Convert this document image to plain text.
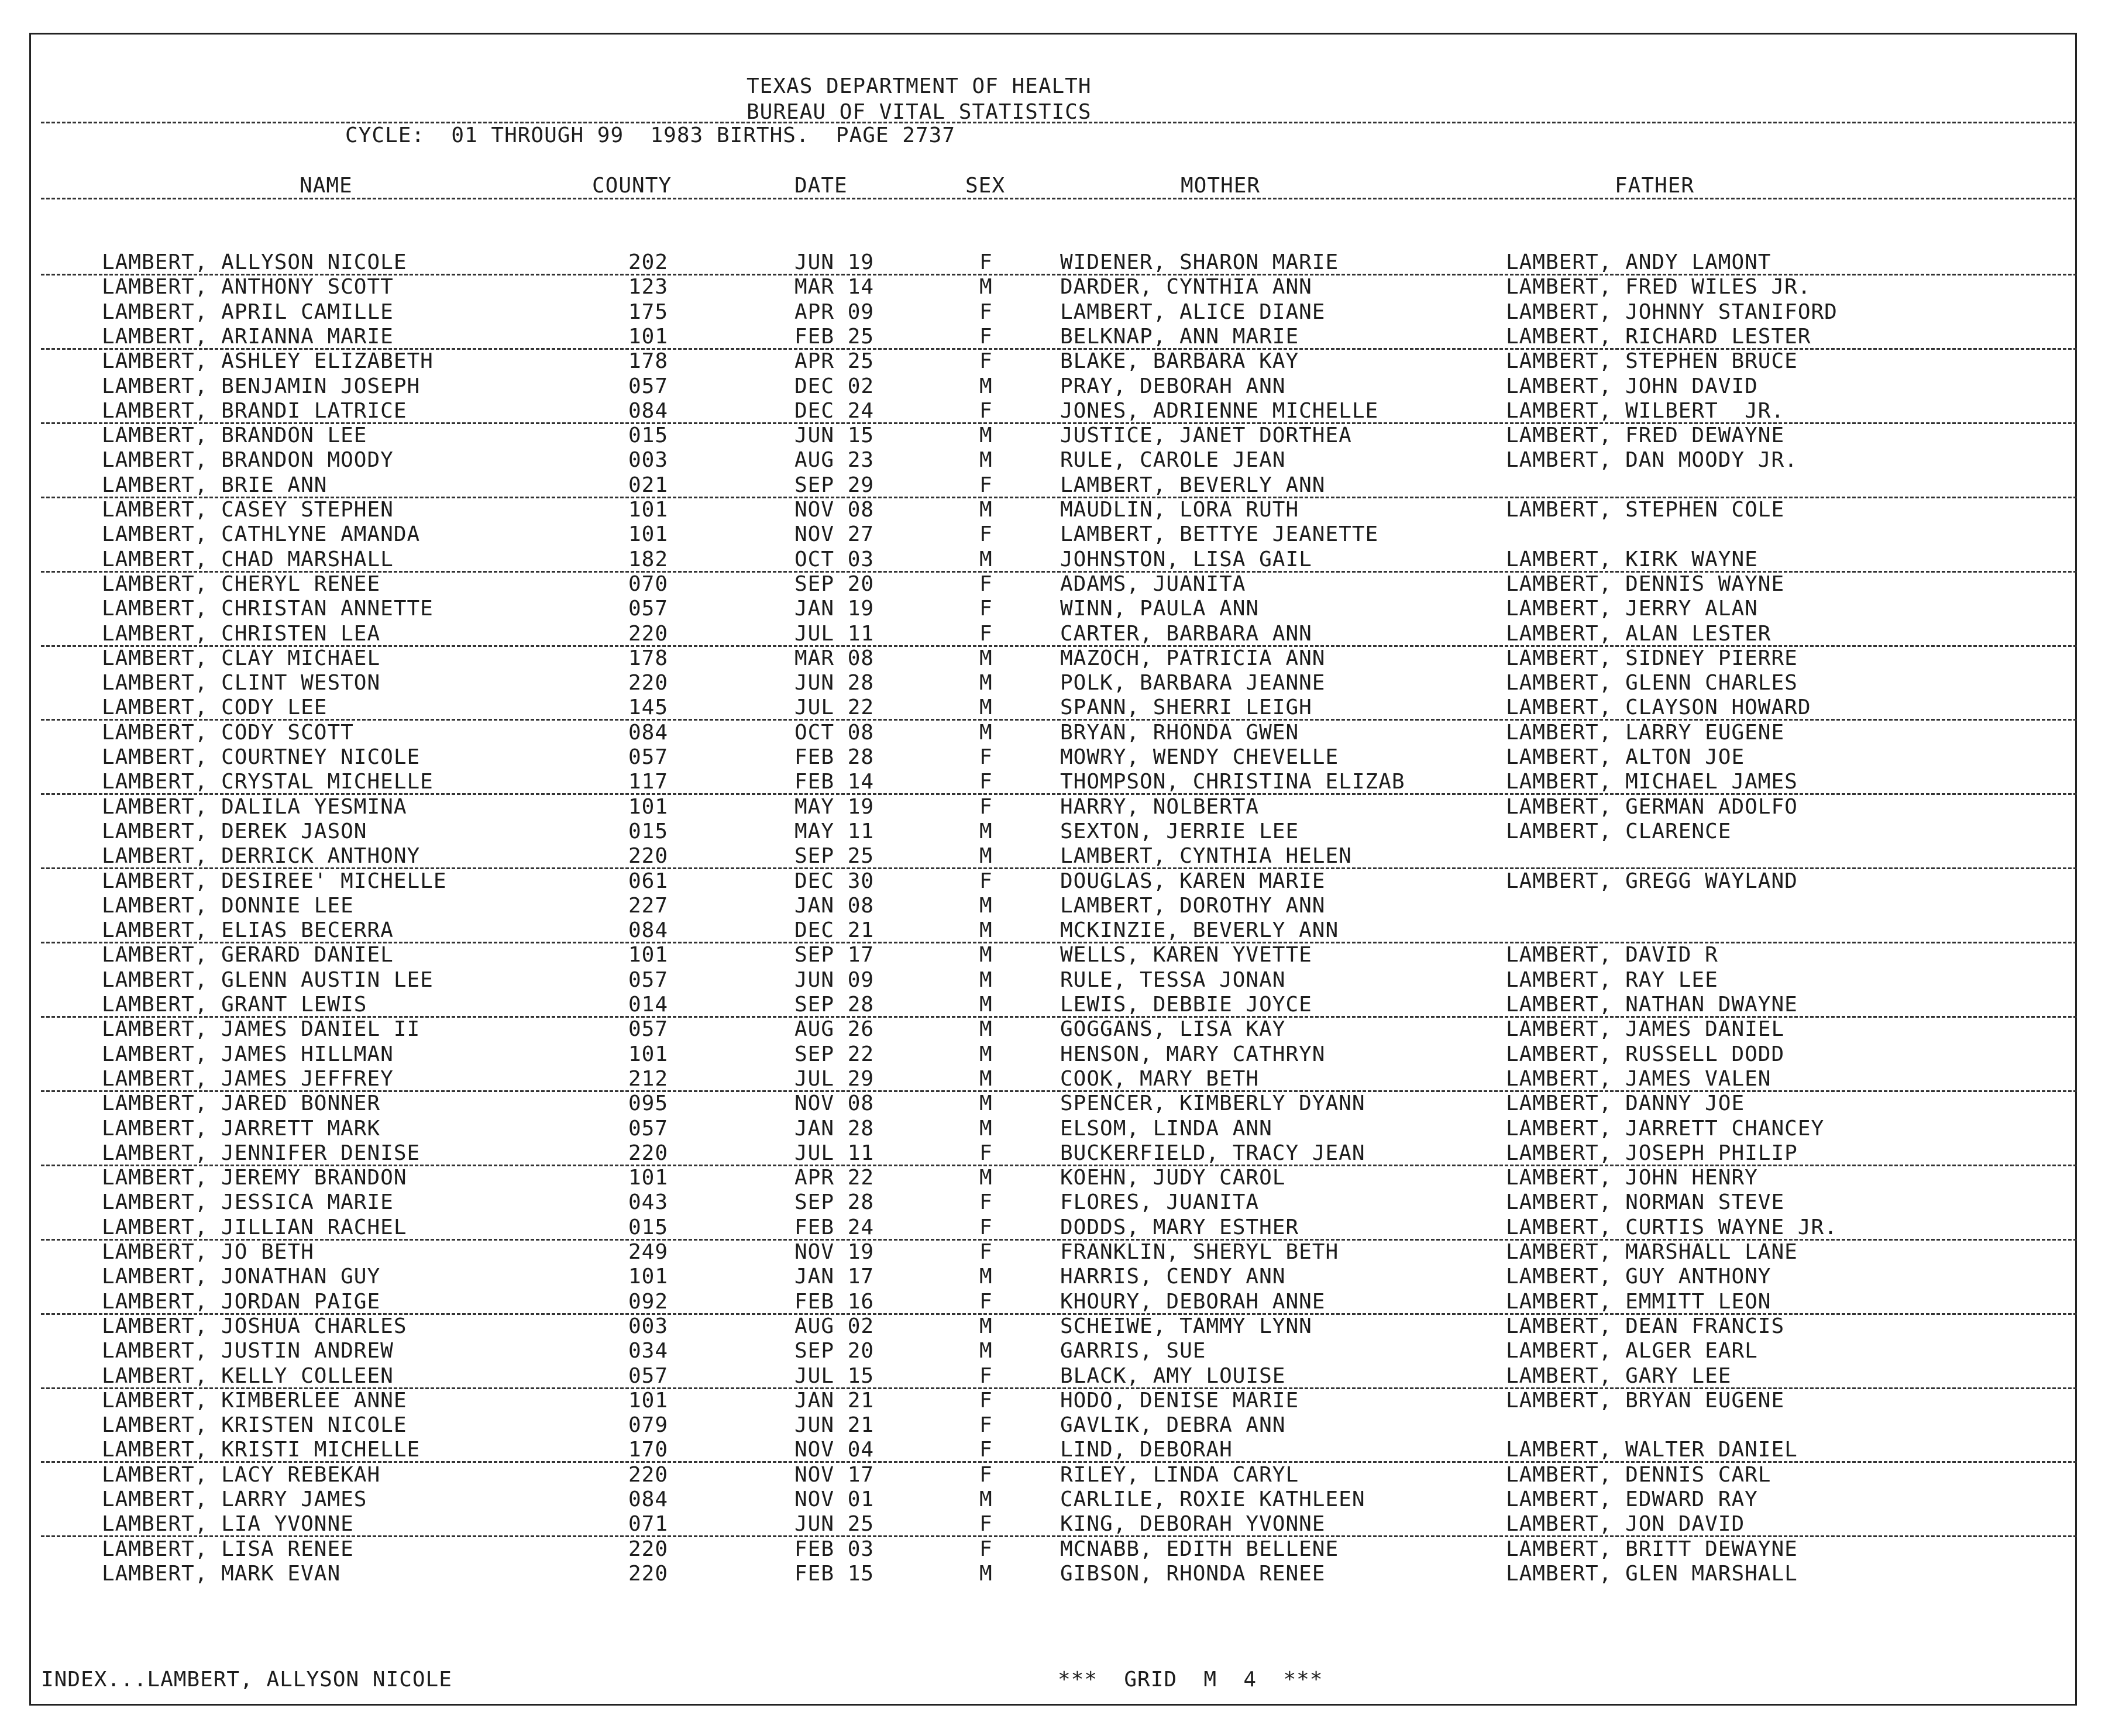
TEXAS DEPARTMENT OF HEALTH
BUREAU OF VITAL STATISTICS
CYCLE:  01 THROUGH 99  1983 BIRTHS.  PAGE 2737
NAME	COUNTY	DATE	SEX	MOTHER	FATHER
LAMBERT, ALLYSON NICOLE	202	JUN 19	F	WIDENER, SHARON MARIE	LAMBERT, ANDY LAMONT
LAMBERT, ANTHONY SCOTT	123	MAR 14	M	DARDER, CYNTHIA ANN	LAMBERT, FRED WILES JR.
LAMBERT, APRIL CAMILLE	175	APR 09	F	LAMBERT, ALICE DIANE	LAMBERT, JOHNNY STANIFORD
LAMBERT, ARIANNA MARIE	101	FEB 25	F	BELKNAP, ANN MARIE	LAMBERT, RICHARD LESTER
LAMBERT, ASHLEY ELIZABETH	178	APR 25	F	BLAKE, BARBARA KAY	LAMBERT, STEPHEN BRUCE
LAMBERT, BENJAMIN JOSEPH	057	DEC 02	M	PRAY, DEBORAH ANN	LAMBERT, JOHN DAVID
LAMBERT, BRANDI LATRICE	084	DEC 24	F	JONES, ADRIENNE MICHELLE	LAMBERT, WILBERT  JR.
LAMBERT, BRANDON LEE	015	JUN 15	M	JUSTICE, JANET DORTHEA	LAMBERT, FRED DEWAYNE
LAMBERT, BRANDON MOODY	003	AUG 23	M	RULE, CAROLE JEAN	LAMBERT, DAN MOODY JR.
LAMBERT, BRIE ANN	021	SEP 29	F	LAMBERT, BEVERLY ANN
LAMBERT, CASEY STEPHEN	101	NOV 08	M	MAUDLIN, LORA RUTH	LAMBERT, STEPHEN COLE
LAMBERT, CATHLYNE AMANDA	101	NOV 27	F	LAMBERT, BETTYE JEANETTE
LAMBERT, CHAD MARSHALL	182	OCT 03	M	JOHNSTON, LISA GAIL	LAMBERT, KIRK WAYNE
LAMBERT, CHERYL RENEE	070	SEP 20	F	ADAMS, JUANITA	LAMBERT, DENNIS WAYNE
LAMBERT, CHRISTAN ANNETTE	057	JAN 19	F	WINN, PAULA ANN	LAMBERT, JERRY ALAN
LAMBERT, CHRISTEN LEA	220	JUL 11	F	CARTER, BARBARA ANN	LAMBERT, ALAN LESTER
LAMBERT, CLAY MICHAEL	178	MAR 08	M	MAZOCH, PATRICIA ANN	LAMBERT, SIDNEY PIERRE
LAMBERT, CLINT WESTON	220	JUN 28	M	POLK, BARBARA JEANNE	LAMBERT, GLENN CHARLES
LAMBERT, CODY LEE	145	JUL 22	M	SPANN, SHERRI LEIGH	LAMBERT, CLAYSON HOWARD
LAMBERT, CODY SCOTT	084	OCT 08	M	BRYAN, RHONDA GWEN	LAMBERT, LARRY EUGENE
LAMBERT, COURTNEY NICOLE	057	FEB 28	F	MOWRY, WENDY CHEVELLE	LAMBERT, ALTON JOE
LAMBERT, CRYSTAL MICHELLE	117	FEB 14	F	THOMPSON, CHRISTINA ELIZAB	LAMBERT, MICHAEL JAMES
LAMBERT, DALILA YESMINA	101	MAY 19	F	HARRY, NOLBERTA	LAMBERT, GERMAN ADOLFO
LAMBERT, DEREK JASON	015	MAY 11	M	SEXTON, JERRIE LEE	LAMBERT, CLARENCE
LAMBERT, DERRICK ANTHONY	220	SEP 25	M	LAMBERT, CYNTHIA HELEN
LAMBERT, DESIREE' MICHELLE	061	DEC 30	F	DOUGLAS, KAREN MARIE	LAMBERT, GREGG WAYLAND
LAMBERT, DONNIE LEE	227	JAN 08	M	LAMBERT, DOROTHY ANN
LAMBERT, ELIAS BECERRA	084	DEC 21	M	MCKINZIE, BEVERLY ANN
LAMBERT, GERARD DANIEL	101	SEP 17	M	WELLS, KAREN YVETTE	LAMBERT, DAVID R
LAMBERT, GLENN AUSTIN LEE	057	JUN 09	M	RULE, TESSA JONAN	LAMBERT, RAY LEE
LAMBERT, GRANT LEWIS	014	SEP 28	M	LEWIS, DEBBIE JOYCE	LAMBERT, NATHAN DWAYNE
LAMBERT, JAMES DANIEL II	057	AUG 26	M	GOGGANS, LISA KAY	LAMBERT, JAMES DANIEL
LAMBERT, JAMES HILLMAN	101	SEP 22	M	HENSON, MARY CATHRYN	LAMBERT, RUSSELL DODD
LAMBERT, JAMES JEFFREY	212	JUL 29	M	COOK, MARY BETH	LAMBERT, JAMES VALEN
LAMBERT, JARED BONNER	095	NOV 08	M	SPENCER, KIMBERLY DYANN	LAMBERT, DANNY JOE
LAMBERT, JARRETT MARK	057	JAN 28	M	ELSOM, LINDA ANN	LAMBERT, JARRETT CHANCEY
LAMBERT, JENNIFER DENISE	220	JUL 11	F	BUCKERFIELD, TRACY JEAN	LAMBERT, JOSEPH PHILIP
LAMBERT, JEREMY BRANDON	101	APR 22	M	KOEHN, JUDY CAROL	LAMBERT, JOHN HENRY
LAMBERT, JESSICA MARIE	043	SEP 28	F	FLORES, JUANITA	LAMBERT, NORMAN STEVE
LAMBERT, JILLIAN RACHEL	015	FEB 24	F	DODDS, MARY ESTHER	LAMBERT, CURTIS WAYNE JR.
LAMBERT, JO BETH	249	NOV 19	F	FRANKLIN, SHERYL BETH	LAMBERT, MARSHALL LANE
LAMBERT, JONATHAN GUY	101	JAN 17	M	HARRIS, CENDY ANN	LAMBERT, GUY ANTHONY
LAMBERT, JORDAN PAIGE	092	FEB 16	F	KHOURY, DEBORAH ANNE	LAMBERT, EMMITT LEON
LAMBERT, JOSHUA CHARLES	003	AUG 02	M	SCHEIWE, TAMMY LYNN	LAMBERT, DEAN FRANCIS
LAMBERT, JUSTIN ANDREW	034	SEP 20	M	GARRIS, SUE	LAMBERT, ALGER EARL
LAMBERT, KELLY COLLEEN	057	JUL 15	F	BLACK, AMY LOUISE	LAMBERT, GARY LEE
LAMBERT, KIMBERLEE ANNE	101	JAN 21	F	HODO, DENISE MARIE	LAMBERT, BRYAN EUGENE
LAMBERT, KRISTEN NICOLE	079	JUN 21	F	GAVLIK, DEBRA ANN
LAMBERT, KRISTI MICHELLE	170	NOV 04	F	LIND, DEBORAH	LAMBERT, WALTER DANIEL
LAMBERT, LACY REBEKAH	220	NOV 17	F	RILEY, LINDA CARYL	LAMBERT, DENNIS CARL
LAMBERT, LARRY JAMES	084	NOV 01	M	CARLILE, ROXIE KATHLEEN	LAMBERT, EDWARD RAY
LAMBERT, LIA YVONNE	071	JUN 25	F	KING, DEBORAH YVONNE	LAMBERT, JON DAVID
LAMBERT, LISA RENEE	220	FEB 03	F	MCNABB, EDITH BELLENE	LAMBERT, BRITT DEWAYNE
LAMBERT, MARK EVAN	220	FEB 15	M	GIBSON, RHONDA RENEE	LAMBERT, GLEN MARSHALL
INDEX...LAMBERT, ALLYSON NICOLE	***  GRID  M  4  ***
